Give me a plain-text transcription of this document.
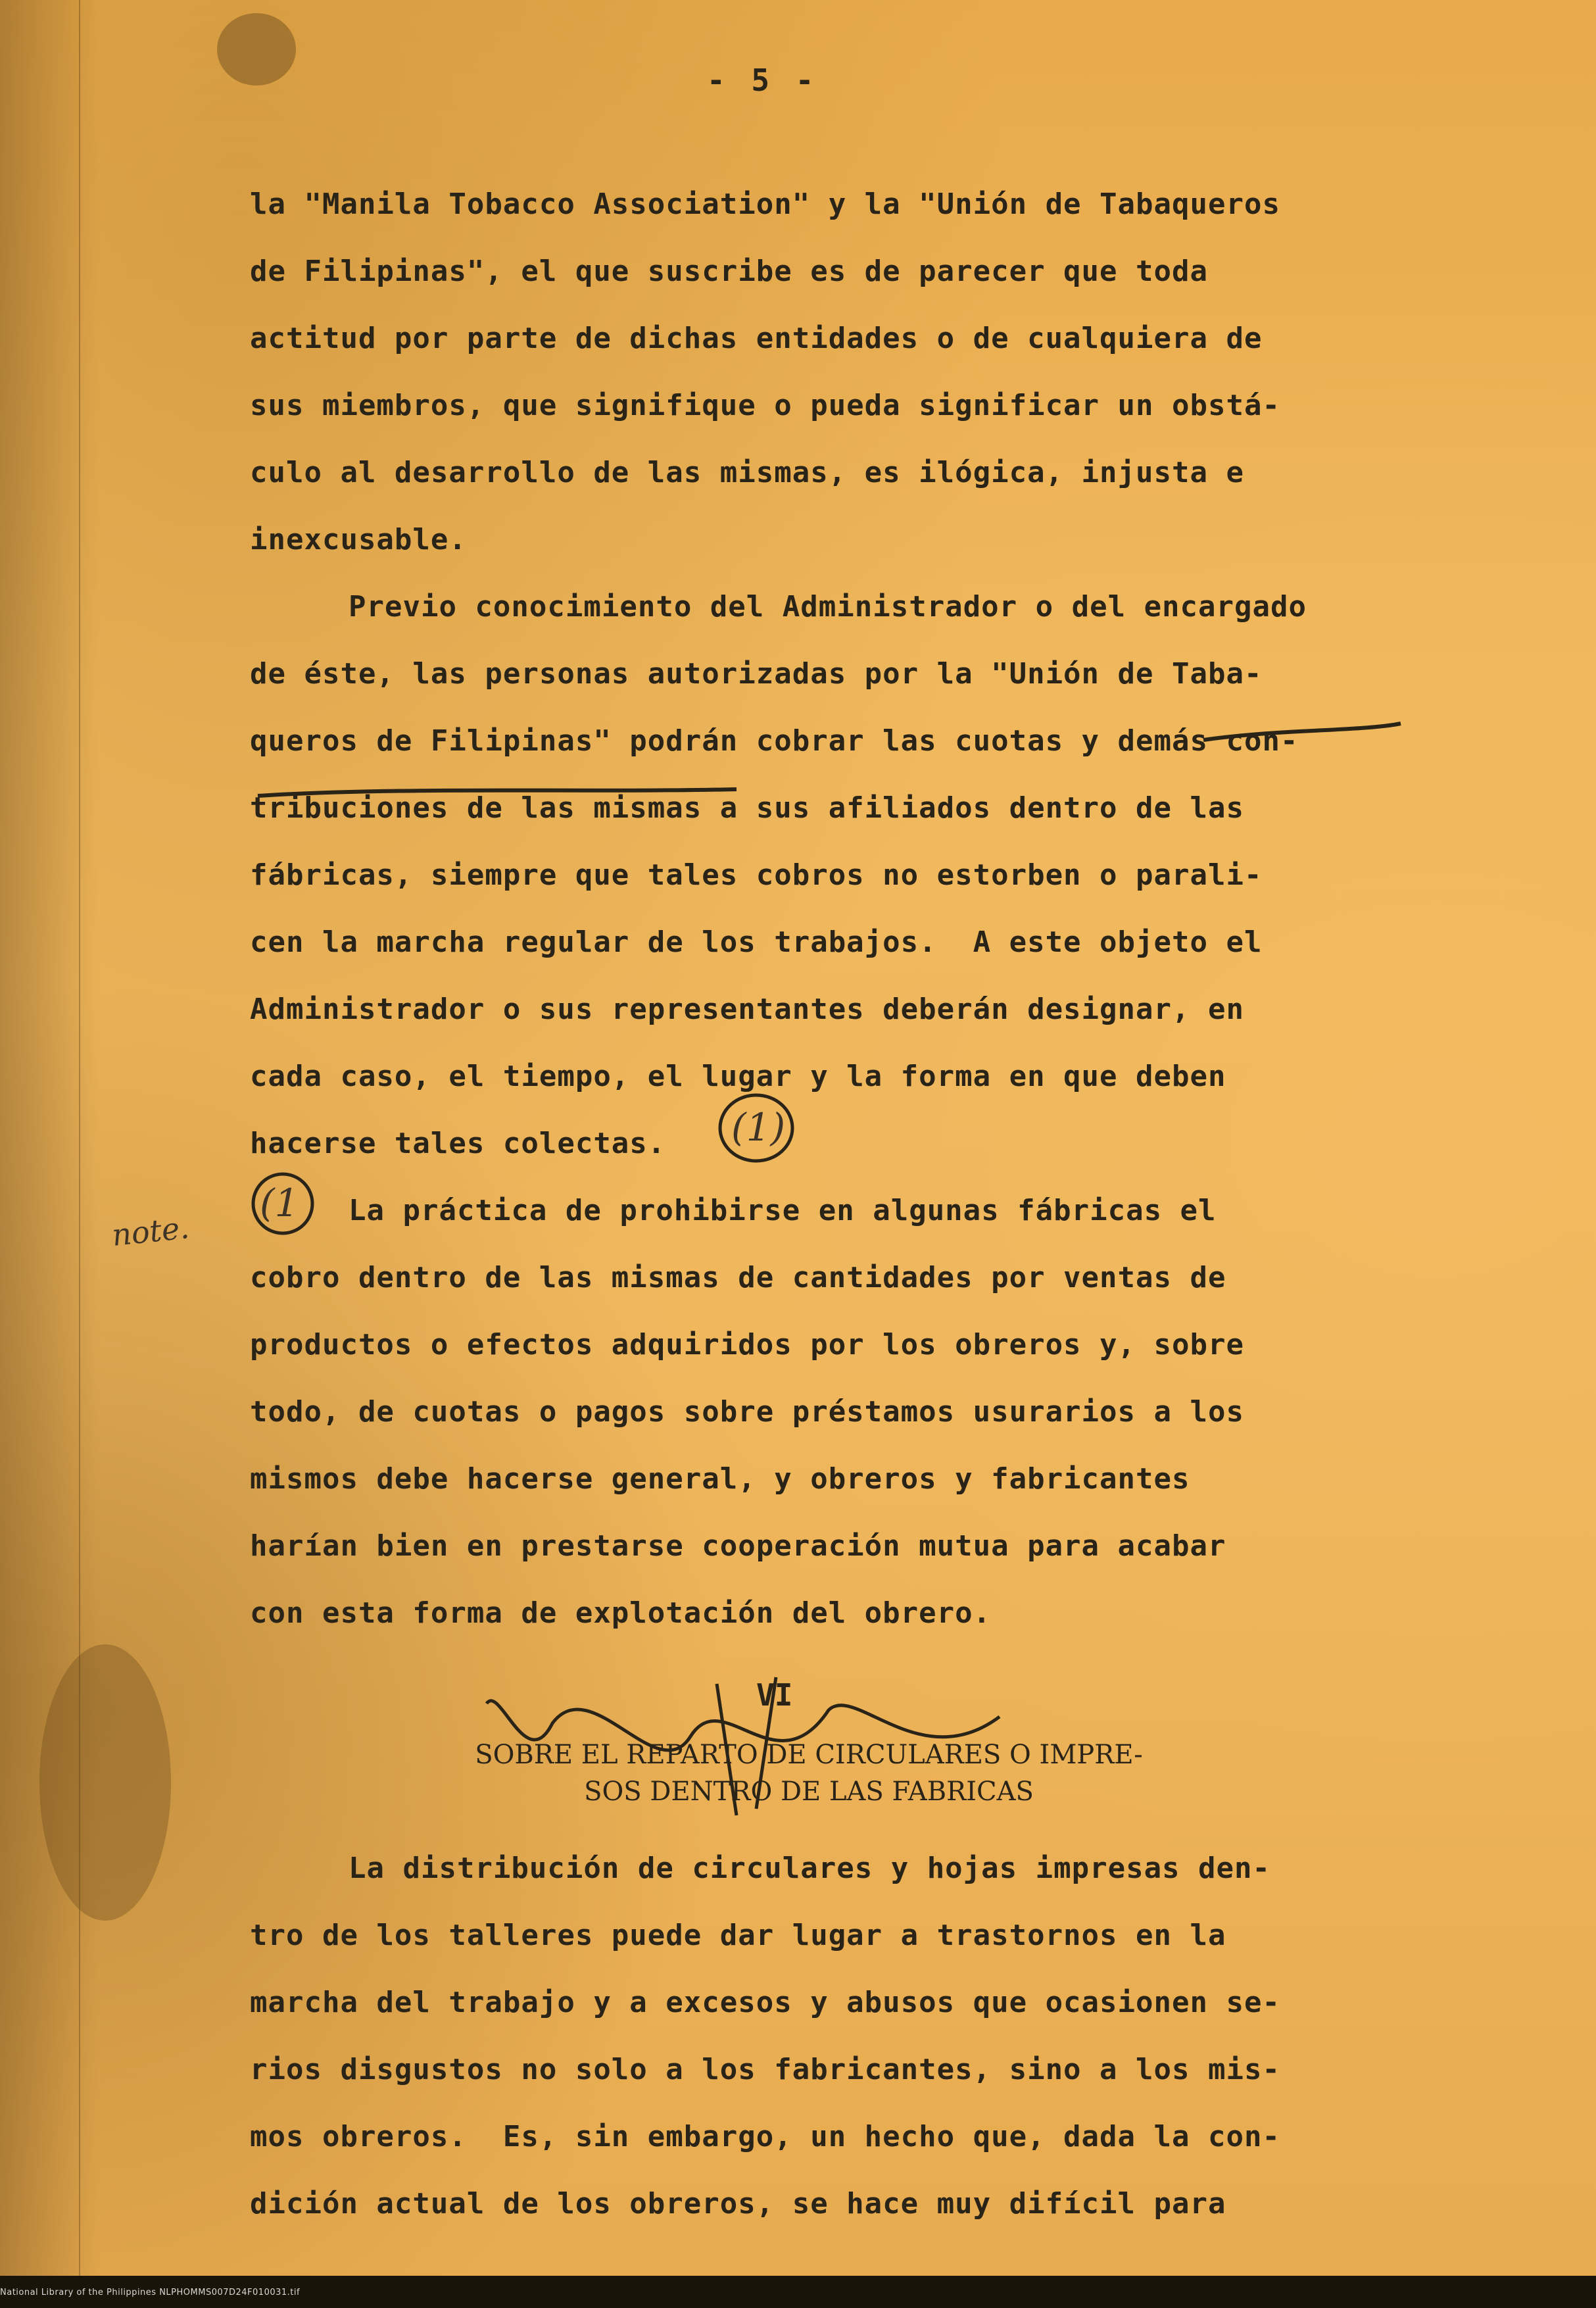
- 5 -
la "Manila Tobacco Association" y la "Unión de Tabaqueros
de Filipinas", el que suscribe es de parecer que toda
actitud por parte de dichas entidades o de cualquiera de
sus miembros, que signifique o pueda significar un obstá-
culo al desarrollo de las mismas, es ilógica, injusta e
inexcusable.
Previo conocimiento del Administrador o del encargado
de éste, las personas autorizadas por la "Unión de Taba-
queros de Filipinas" podrán cobrar las cuotas y demás con-
tribuciones de las mismas a sus afiliados dentro de las
fábricas, siempre que tales cobros no estorben o parali-
cen la marcha regular de los trabajos.  A este objeto el
Administrador o sus representantes deberán designar, en
cada caso, el tiempo, el lugar y la forma en que deben
hacerse tales colectas.
La práctica de prohibirse en algunas fábricas el
cobro dentro de las mismas de cantidades por ventas de
productos o efectos adquiridos por los obreros y, sobre
todo, de cuotas o pagos sobre préstamos usurarios a los
mismos debe hacerse general, y obreros y fabricantes
harían bien en prestarse cooperación mutua para acabar
con esta forma de explotación del obrero.
(1)
(1
note.
VI
SOBRE EL REPARTO DE CIRCULARES O IMPRE-
SOS DENTRO DE LAS FABRICAS
La distribución de circulares y hojas impresas den-
tro de los talleres puede dar lugar a trastornos en la
marcha del trabajo y a excesos y abusos que ocasionen se-
rios disgustos no solo a los fabricantes, sino a los mis-
mos obreros.  Es, sin embargo, un hecho que, dada la con-
dición actual de los obreros, se hace muy difícil para
National Library of the Philippines NLPHOMMS007D24F010031.tif
